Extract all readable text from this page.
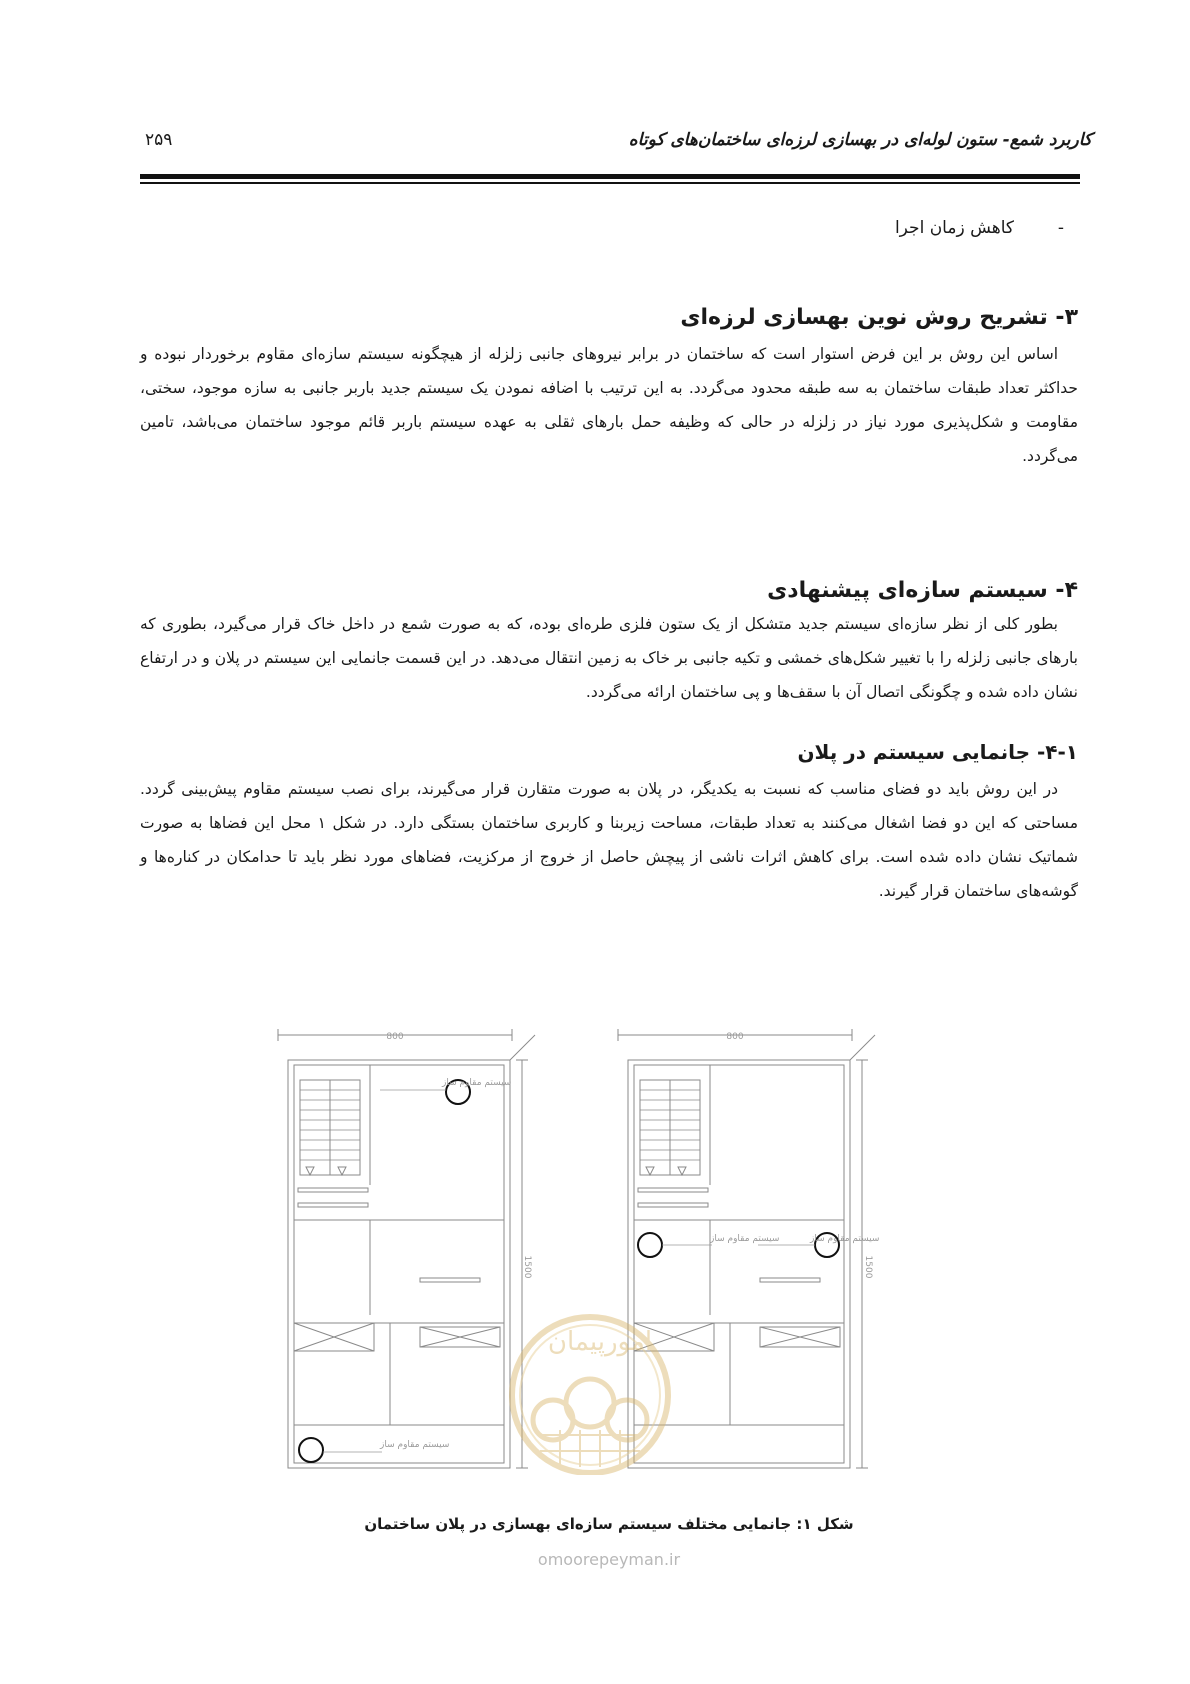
کاربرد شمع- ستون لوله‌ای در بهسازی لرزه‌ای ساختمان‌های کوتاه
۲۵۹
-کاهش زمان اجرا
۳- تشریح روش نوین بهسازی لرزه‌ای

اساس این روش بر این فرض استوار است که ساختمان در برابر نیروهای جانبی زلزله از هیچگونه سیستم سازه‌ای مقاوم برخوردار نبوده و حداکثر تعداد طبقات ساختمان به سه طبقه محدود می‌گردد. به این ترتیب با اضافه نمودن یک سیستم جدید باربر جانبی به سازه موجود، سختی، مقاومت و شکل‌پذیری مورد نیاز در زلزله در حالی که وظیفه حمل بارهای ثقلی به عهده سیستم باربر قائم موجود ساختمان می‌باشد، تامین می‌گردد.

۴- سیستم سازه‌ای پیشنهادی

بطور کلی از نظر سازه‌ای سیستم جدید متشکل از یک ستون فلزی طره‌ای بوده، که به صورت شمع در داخل خاک قرار می‌گیرد، بطوری که بارهای جانبی زلزله را با تغییر شکل‌های خمشی و تکیه جانبی بر خاک به زمین انتقال می‌دهد. در این قسمت جانمایی این سیستم در پلان و در ارتفاع نشان داده شده و چگونگی اتصال آن با سقف‌ها و پی ساختمان ارائه می‌گردد.

۴-۱- جانمایی سیستم در پلان

در این روش باید دو فضای مناسب که نسبت به یکدیگر، در پلان به صورت متقارن قرار می‌گیرند، برای نصب سیستم مقاوم پیش‌بینی گردد. مساحتی که این دو فضا اشغال می‌کنند به تعداد طبقات، مساحت زیربنا و کاربری ساختمان بستگی دارد. در شکل ۱ محل این فضاها به صورت شماتیک نشان داده شده است. برای کاهش اثرات ناشی از پیچش حاصل از خروج از مرکزیت، فضاهای مورد نظر باید تا حدامکان در کناره‌ها و گوشه‌های ساختمان قرار گیرند.

800	800
1500	1500
سیستم مقاوم ساز
سیستم مقاوم ساز
سیستم مقاوم ساز	سیستم مقاوم ساز
امورپیمان
شکل ۱: جانمایی مختلف سیستم سازه‌ای بهسازی در پلان ساختمان
omoorepeyman.ir
